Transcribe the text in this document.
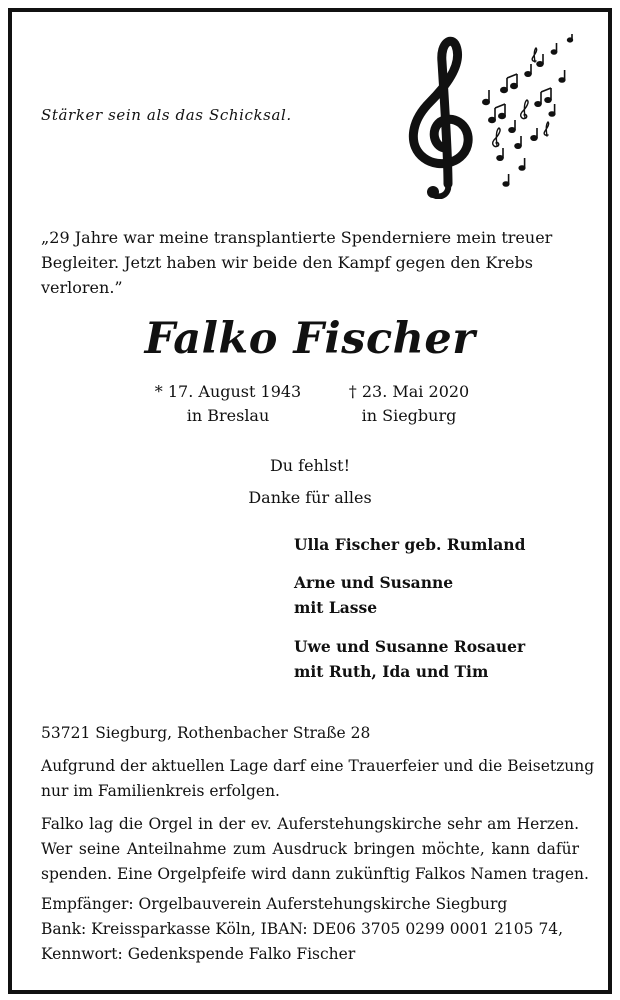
Stärker sein als das Schicksal.
„29 Jahre war meine transplantierte Spenderniere mein treuer
Begleiter. Jetzt haben wir beide den Kampf gegen den Krebs
verloren.”
Falko Fischer
* 17. August 1943
in Breslau
† 23. Mai 2020
in Siegburg
Du fehlst!
Danke für alles
Ulla Fischer geb. Rumland
Arne und Susanne
mit Lasse
Uwe und Susanne Rosauer
mit Ruth, Ida und Tim
53721 Siegburg, Rothenbacher Straße 28
Aufgrund der aktuellen Lage darf eine Trauerfeier und die Beisetzung
nur im Familienkreis erfolgen.
Falko lag die Orgel in der ev. Auferstehungskirche sehr am Herzen.
Wer seine Anteilnahme zum Ausdruck bringen möchte, kann dafür
spenden. Eine Orgelpfeife wird dann zukünftig Falkos Namen tragen.
Empfänger: Orgelbauverein Auferstehungskirche Siegburg
Bank: Kreissparkasse Köln, IBAN: DE06 3705 0299 0001 2105 74,
Kennwort: Gedenkspende Falko Fischer
